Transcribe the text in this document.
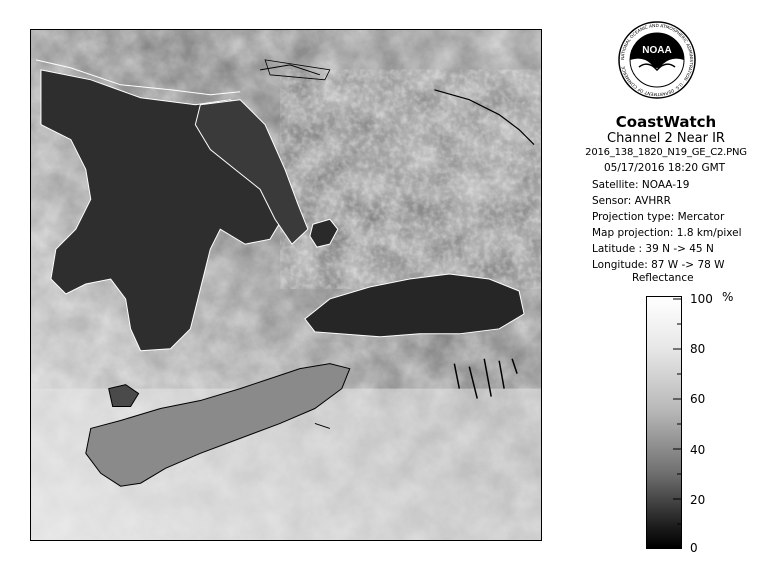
NOAA
NATIONAL OCEANIC AND ATMOSPHERIC ADMINISTRATION · U.S. DEPARTMENT OF COMMERCE
CoastWatch
Channel 2 Near IR
2016_138_1820_N19_GE_C2.PNG
05/17/2016 18:20 GMT
Satellite: NOAA-19
Sensor: AVHRR
Projection type: Mercator
Map projection: 1.8 km/pixel
Latitude : 39 N -> 45 N
Longitude: 87 W -> 78 W
Reflectance
%
100
80
60
40
20
0
